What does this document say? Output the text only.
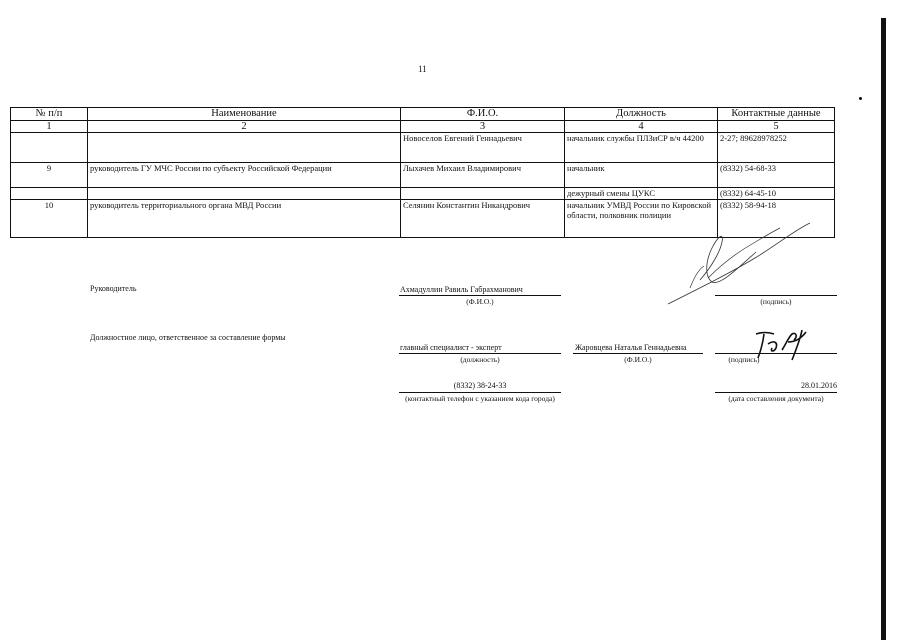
11
№ п/п	Наименование	Ф.И.О.	Должность	Контактные данные
1	2	3	4	5
		Новоселов Евгений Геннадьевич	начальник службы ПЛЗиСР в/ч 44200	2-27; 89628978252
9	руководитель ГУ МЧС России по субъекту Российской Федерации	Лыхачев Михаил Владимирович	начальник	(8332) 54-68-33
			дежурный смены ЦУКС	(8332) 64-45-10
10	руководитель территориального органа МВД России	Селянин Константин Никандрович	начальник УМВД России по Кировской области, полковник полиции	(8332) 58-94-18
Руководитель	Ахмадуллин Равиль Габрахманович
(Ф.И.О.)	(подпись)
Должностное лицо, ответственное за составление формы
главный специалист - эксперт	Жаровцева Наталья Геннадьевна
(должность)	(Ф.И.О.)	(подпись)
(8332) 38-24-33
(контактный телефон с указанием кода города)
28.01.2016
(дата составления документа)
